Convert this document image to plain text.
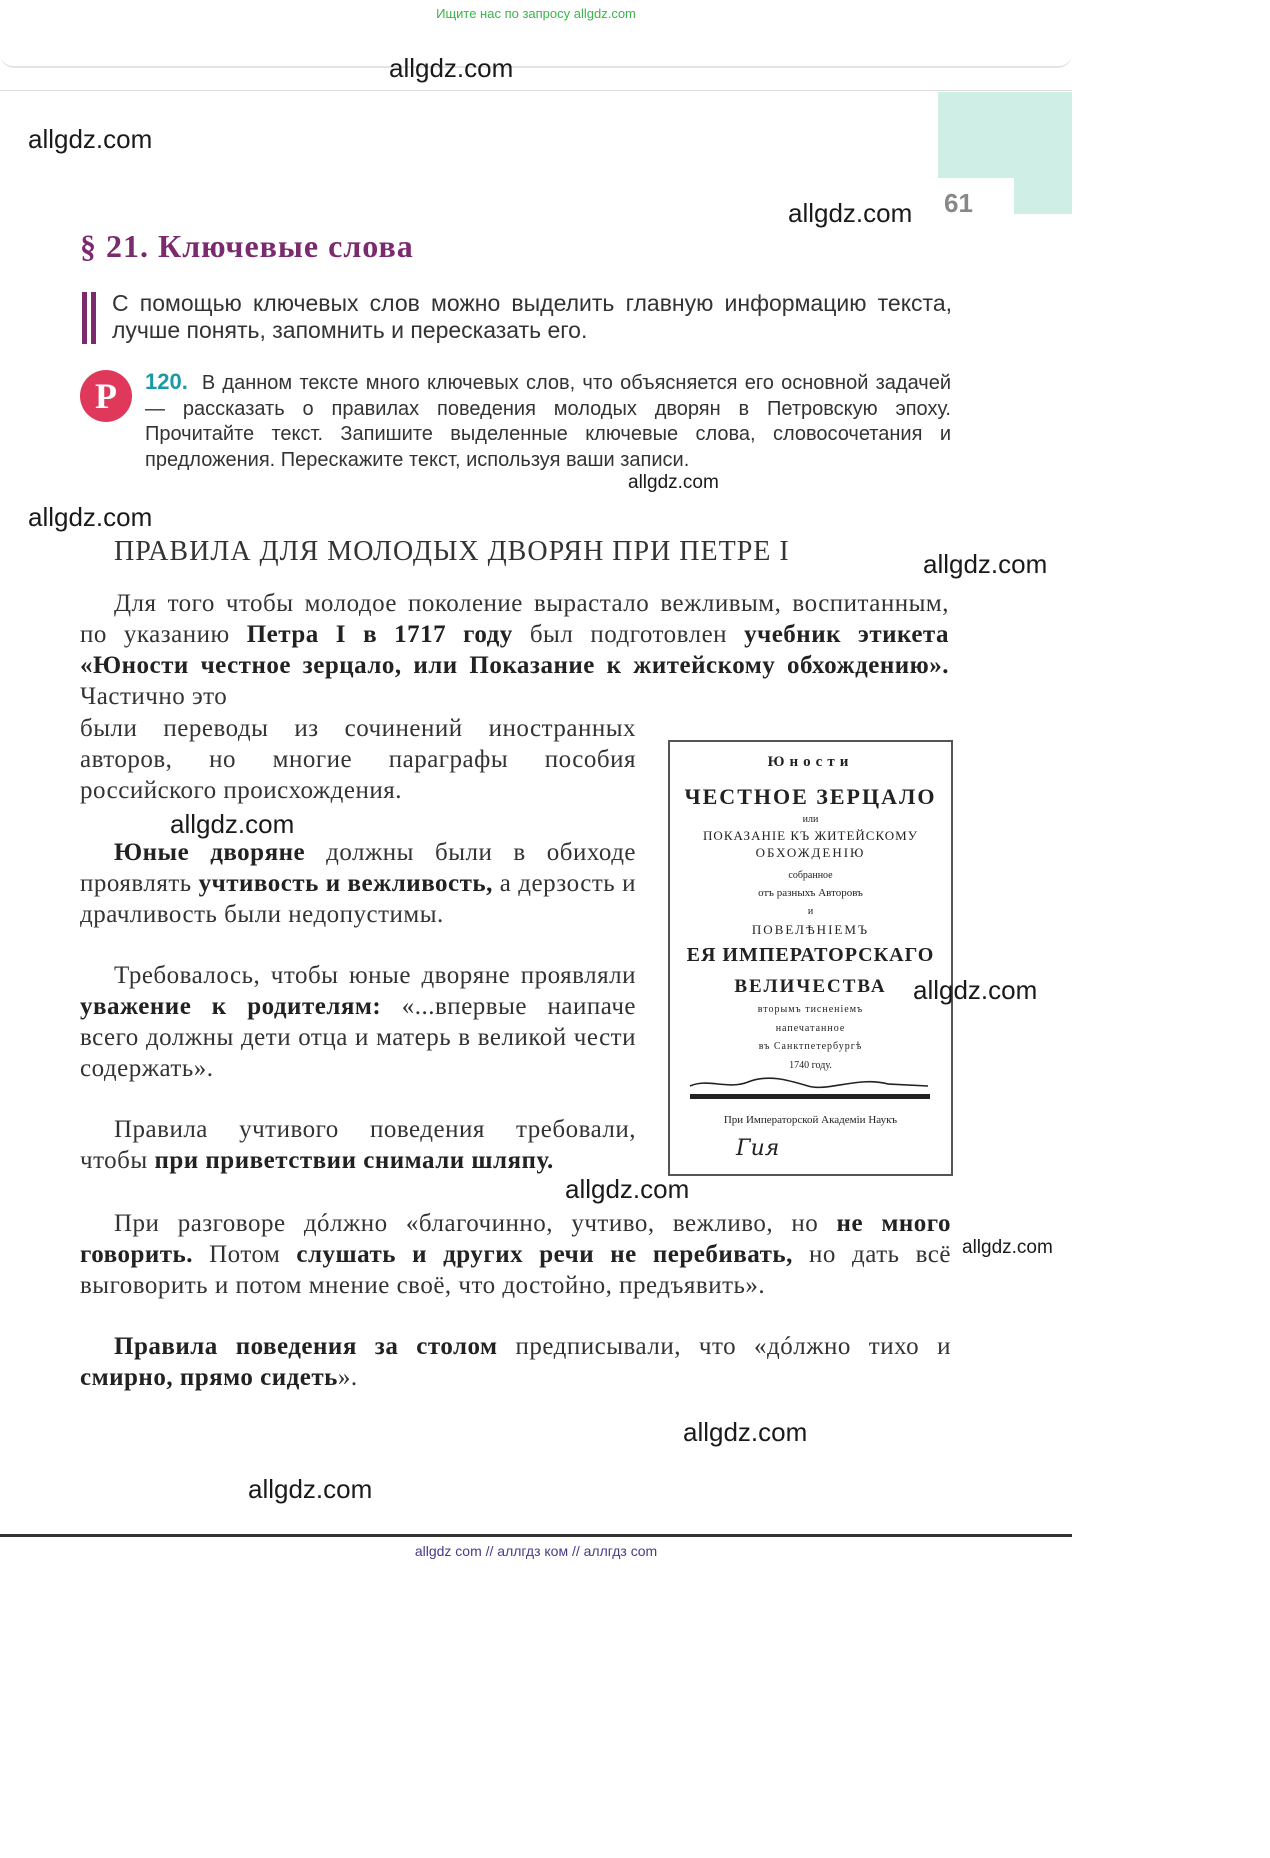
Ищите нас по запросу allgdz.com
61
§ 21. Ключевые слова
С помощью ключевых слов можно выделить главную информацию текста, лучше понять, запомнить и пересказать его.
Р	120. В данном тексте много ключевых слов, что объясняется его основной задачей — рассказать о правилах поведения молодых дворян в Петровскую эпоху. Прочитайте текст. Запишите выделенные ключевые слова, словосочетания и предложения. Перескажите текст, используя ваши записи.
ПРАВИЛА ДЛЯ МОЛОДЫХ ДВОРЯН ПРИ ПЕТРЕ I
Для того чтобы молодое поколение вырастало вежливым, воспитанным, по указанию Петра I в 1717 году был подготовлен учебник этикета «Юности честное зерцало, или Показание к житейскому обхождению». Частично это
были переводы из сочинений иностранных авторов, но многие параграфы пособия российского происхождения.
Юные дворяне должны были в обиходе проявлять учтивость и вежливость, а дерзость и драчливость были недопустимы.
Требовалось, чтобы юные дворяне проявляли уважение к родителям: «...впервые наипаче всего должны дети отца и матерь в великой чести содержать».
Правила учтивого поведения требовали, чтобы при приветствии снимали шляпу.
При разговоре дóлжно «благочинно, учтиво, вежливо, но не много говорить. Потом слушать и других речи не перебивать, но дать всё выговорить и потом мнение своё, что достойно, предъявить».
Правила поведения за столом предписывали, что «дóлжно тихо и смирно, прямо сидеть».
Юности
ЧЕСТНОЕ ЗЕРЦАЛО
или
ПОКАЗАНІЕ КЪ ЖИТЕЙСКОМУ
ОБХОЖДЕНІЮ
собранное
отъ разныхъ Авторовъ
и
ПОВЕЛѢНІЕМЪ
ЕЯ ИМПЕРАТОРСКАГО
ВЕЛИЧЕСТВА
вторымъ тисненіемъ
напечатанное
въ Санктпетербургѣ
1740 году.
При Императорской Академіи Наукъ
Гия
allgdz.com
allgdz.com
allgdz.com
allgdz.com
allgdz.com
allgdz.com
allgdz.com
allgdz.com
allgdz.com
allgdz.com
allgdz.com
allgdz.com
allgdz com // аллгдз ком // аллгдз com
